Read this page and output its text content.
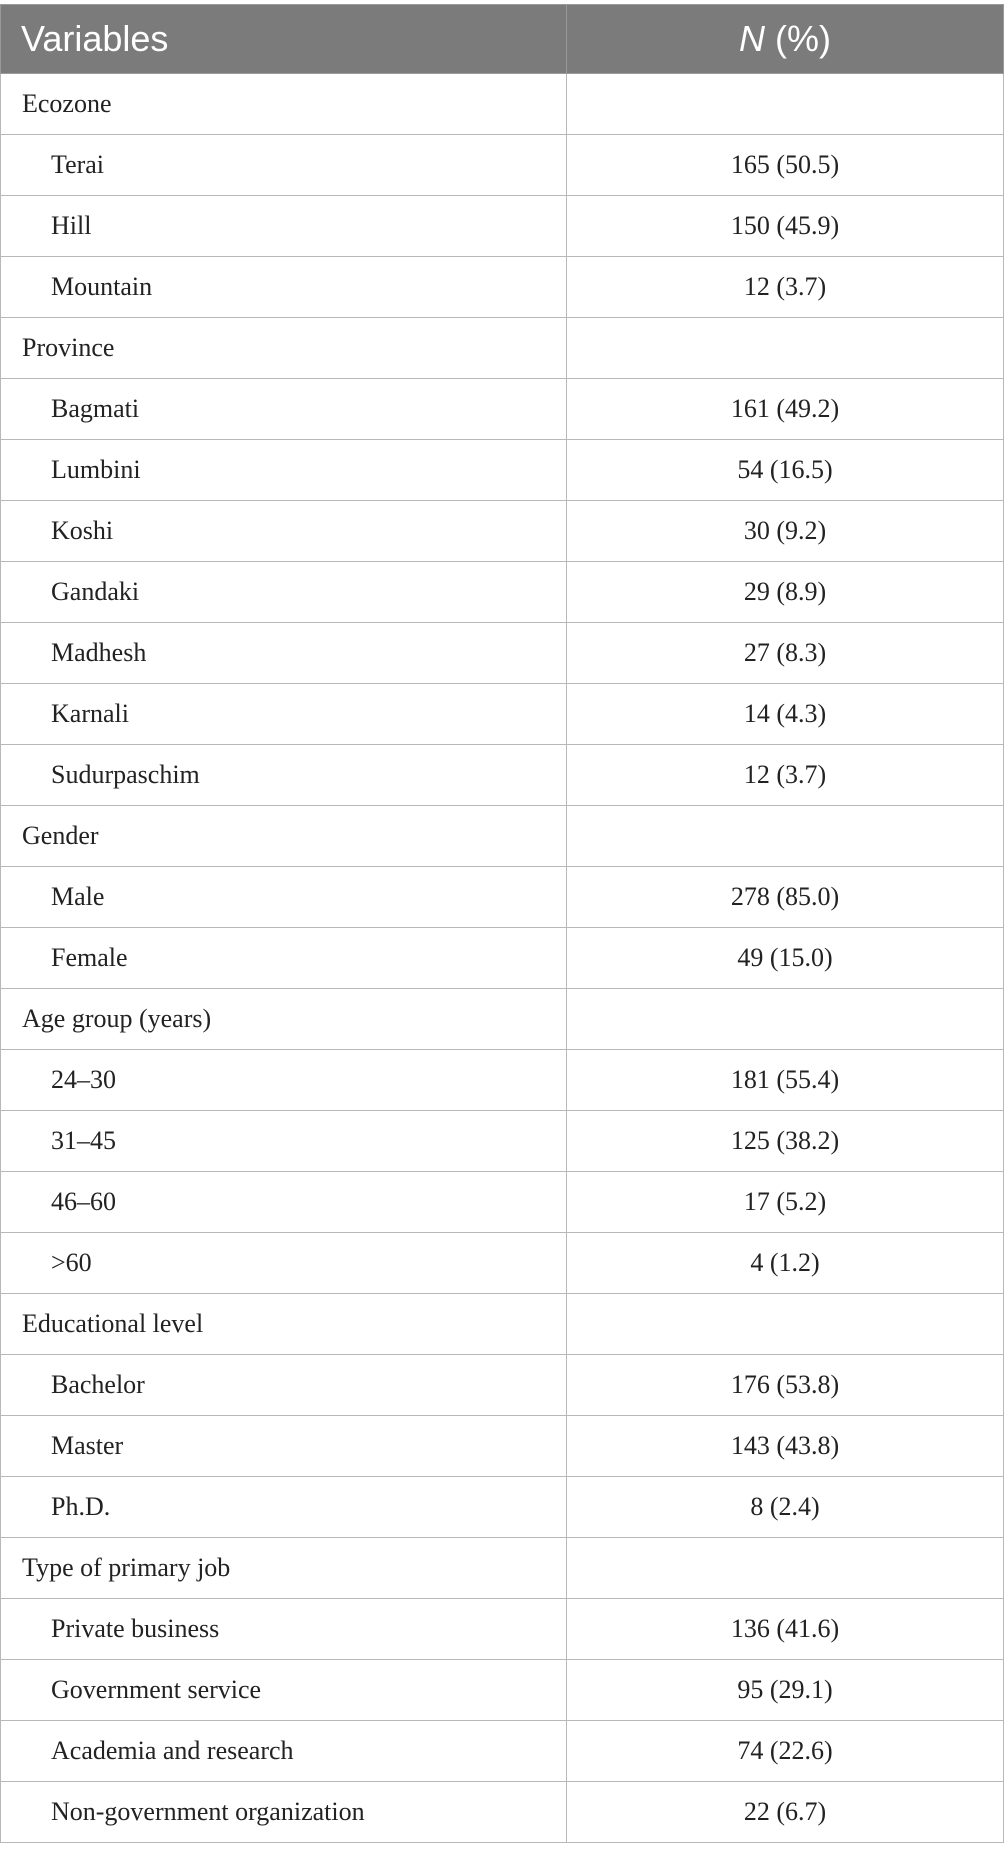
Variables	N (%)
Ecozone	
Terai	165 (50.5)
Hill	150 (45.9)
Mountain	12 (3.7)
Province	
Bagmati	161 (49.2)
Lumbini	54 (16.5)
Koshi	30 (9.2)
Gandaki	29 (8.9)
Madhesh	27 (8.3)
Karnali	14 (4.3)
Sudurpaschim	12 (3.7)
Gender	
Male	278 (85.0)
Female	49 (15.0)
Age group (years)	
24–30	181 (55.4)
31–45	125 (38.2)
46–60	17 (5.2)
>60	4 (1.2)
Educational level	
Bachelor	176 (53.8)
Master	143 (43.8)
Ph.D.	8 (2.4)
Type of primary job	
Private business	136 (41.6)
Government service	95 (29.1)
Academia and research	74 (22.6)
Non-government organization	22 (6.7)
